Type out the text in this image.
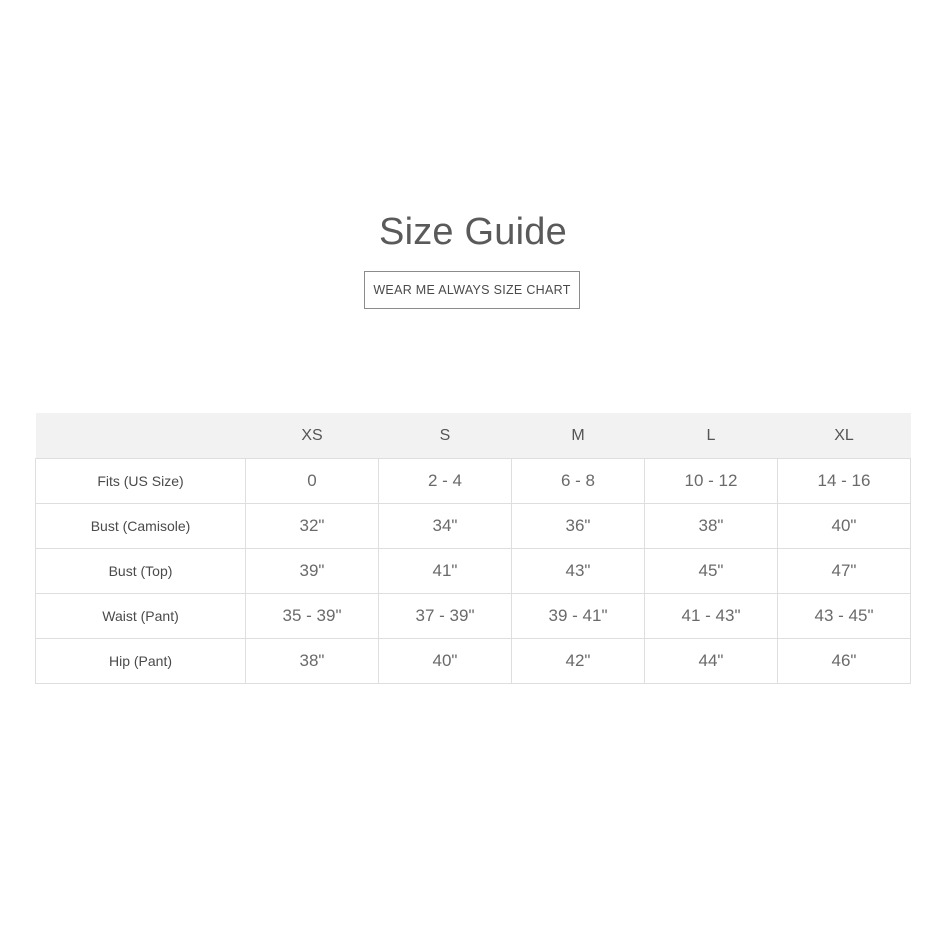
Size Guide
WEAR ME ALWAYS SIZE CHART
	XS	S	M	L	XL
Fits (US Size)	0	2 - 4	6 - 8	10 - 12	14 - 16
Bust (Camisole)	32"	34"	36"	38"	40"
Bust (Top)	39"	41"	43"	45"	47"
Waist (Pant)	35 - 39"	37 - 39"	39 - 41"	41 - 43"	43 - 45"
Hip (Pant)	38"	40"	42"	44"	46"
